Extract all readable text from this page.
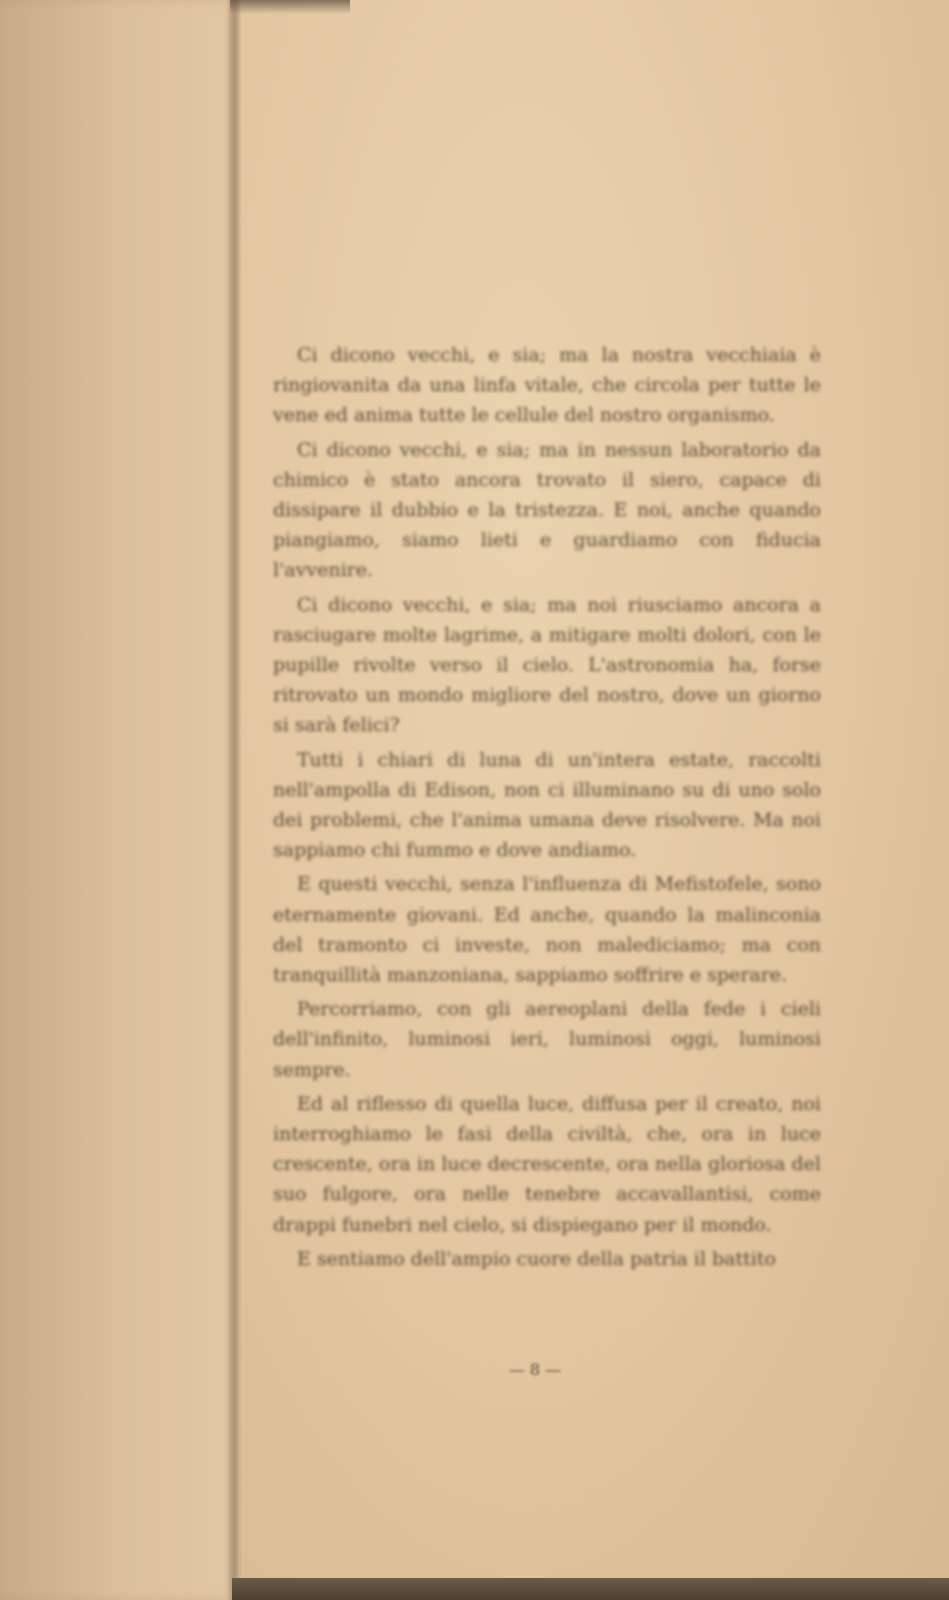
Ci dicono vecchi, e sia; ma la nostra vecchiaia è ringiovanita da una linfa vitale, che circola per tutte le vene ed anima tutte le cellule del nostro organismo.

Ci dicono vecchi, e sia; ma in nessun laboratorio da chimico è stato ancora trovato il siero, capace di dissipare il dubbio e la tristezza. E noi, anche quando piangiamo, siamo lieti e guardiamo con fiducia l'avvenire.

Ci dicono vecchi, e sia; ma noi riusciamo ancora a rasciugare molte lagrime, a mitigare molti dolori, con le pupille rivolte verso il cielo. L'astronomia ha, forse ritrovato un mondo migliore del nostro, dove un giorno si sarà felici?

Tutti i chiari di luna di un'intera estate, raccolti nell'ampolla di Edison, non ci illuminano su di uno solo dei problemi, che l'anima umana deve risolvere. Ma noi sappiamo chi fummo e dove andiamo.

E questi vecchi, senza l'influenza di Mefistofele, sono eternamente giovani. Ed anche, quando la malinconia del tramonto ci investe, non malediciamo; ma con tranquillità manzoniana, sappiamo soffrire e sperare.

Percorriamo, con gli aereoplani della fede i cieli dell'infinito, luminosi ieri, luminosi oggi, luminosi sempre.

Ed al riflesso di quella luce, diffusa per il creato, noi interroghiamo le fasi della civiltà, che, ora in luce crescente, ora in luce decrescente, ora nella gloriosa del suo fulgore, ora nelle tenebre accavallantisi, come drappi funebri nel cielo, si dispiegano per il mondo.

E sentiamo dell'ampio cuore della patria il battito

— 8 —
